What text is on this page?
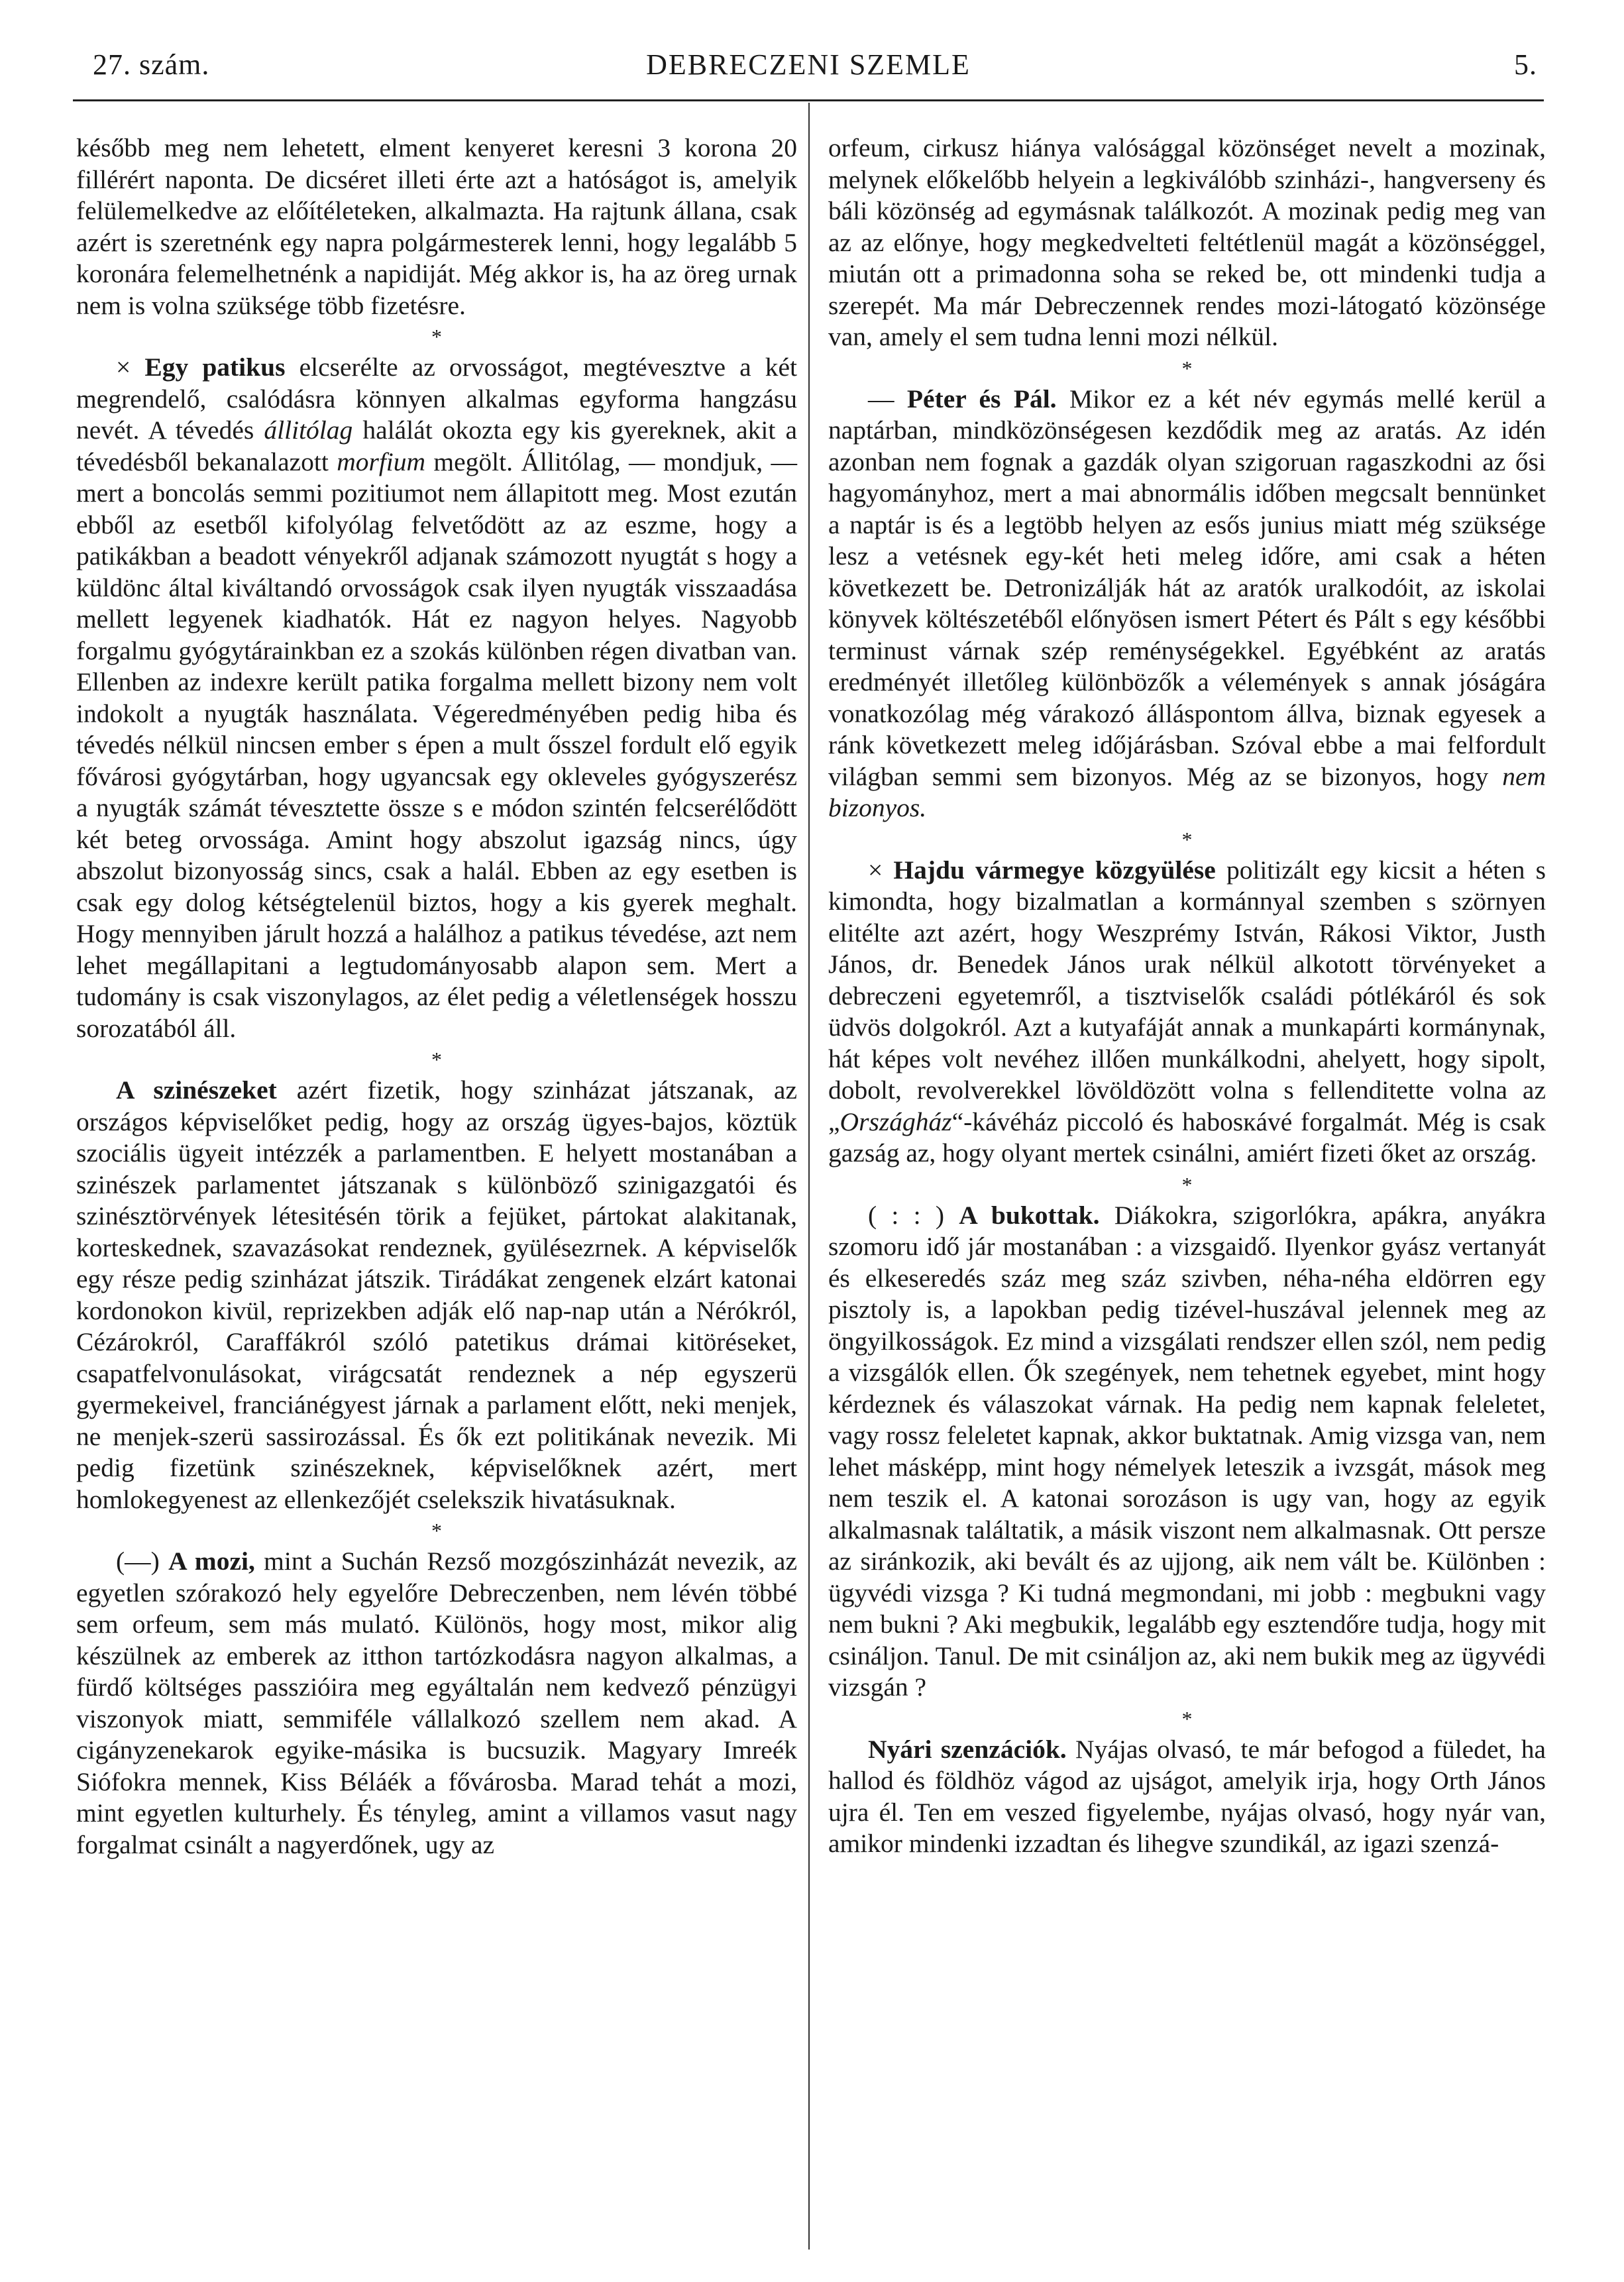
27. szám.	DEBRECZENI SZEMLE	5.

később meg nem lehetett, elment kenyeret keresni 3 korona 20 fillérért naponta. De dicséret illeti érte azt a hatóságot is, amelyik felülemelkedve az előítéleteken, alkalmazta. Ha rajtunk állana, csak azért is szeretnénk egy napra polgármesterek lenni, hogy legalább 5 koronára felemelhetnénk a napidiját. Még akkor is, ha az öreg urnak nem is volna szüksége több fizetésre.

*

× Egy patikus elcserélte az orvosságot, megtévesztve a két megrendelő, csalódásra könnyen alkalmas egyforma hangzásu nevét. A tévedés állitólag halálát okozta egy kis gyereknek, akit a tévedésből bekanalazott morfium megölt. Állitólag, — mondjuk, — mert a boncolás semmi pozitiumot nem állapitott meg. Most ezután ebből az esetből kifolyólag felvetődött az az eszme, hogy a patikákban a beadott vényekről adjanak számozott nyugtát s hogy a küldönc által kiváltandó orvosságok csak ilyen nyugták visszaadása mellett legyenek kiadhatók. Hát ez nagyon helyes. Nagyobb forgalmu gyógytárainkban ez a szokás különben régen divatban van. Ellenben az indexre került patika forgalma mellett bizony nem volt indokolt a nyugták használata. Végeredményében pedig hiba és tévedés nélkül nincsen ember s épen a mult ősszel fordult elő egyik fővárosi gyógytárban, hogy ugyancsak egy okleveles gyógyszerész a nyugták számát tévesztette össze s e módon szintén felcserélődött két beteg orvossága. Amint hogy abszolut igazság nincs, úgy abszolut bizonyosság sincs, csak a halál. Ebben az egy esetben is csak egy dolog kétségtelenül biztos, hogy a kis gyerek meghalt. Hogy mennyiben járult hozzá a halálhoz a patikus tévedése, azt nem lehet megállapitani a legtudományosabb alapon sem. Mert a tudomány is csak viszonylagos, az élet pedig a véletlenségek hosszu sorozatából áll.

*

A szinészeket azért fizetik, hogy szinházat játszanak, az országos képviselőket pedig, hogy az ország ügyes-bajos, köztük szociális ügyeit intézzék a parlamentben. E helyett mostanában a szinészek parlamentet játszanak s különböző szinigazgatói és szinésztörvények létesitésén törik a fejüket, pártokat alakitanak, korteskednek, szavazásokat rendeznek, gyülésezrnek. A képviselők egy része pedig szinházat játszik. Tirádákat zengenek elzárt katonai kordonokon kivül, reprizekben adják elő nap-nap után a Nérókról, Cézárokról, Caraffákról szóló patetikus drámai kitöréseket, csapatfelvonulásokat, virágcsatát rendeznek a nép egyszerü gyermekeivel, franciánégyest járnak a parlament előtt, neki menjek, ne menjek-szerü sassirozással. És ők ezt politikának nevezik. Mi pedig fizetünk szinészeknek, képviselőknek azért, mert homlokegyenest az ellenkezőjét cselekszik hivatásuknak.

*

(—) A mozi, mint a Suchán Rezső mozgószinházát nevezik, az egyetlen szórakozó hely egyelőre Debreczenben, nem lévén többé sem orfeum, sem más mulató. Különös, hogy most, mikor alig készülnek az emberek az itthon tartózkodásra nagyon alkalmas, a fürdő költséges passzióira meg egyáltalán nem kedvező pénzügyi viszonyok miatt, semmiféle vállalkozó szellem nem akad. A cigányzenekarok egyike-másika is bucsuzik. Magyary Imreék Siófokra mennek, Kiss Béláék a fővárosba. Marad tehát a mozi, mint egyetlen kulturhely. És tényleg, amint a villamos vasut nagy forgalmat csinált a nagyerdőnek, ugy az

orfeum, cirkusz hiánya valósággal közönséget nevelt a mozinak, melynek előkelőbb helyein a legkiválóbb szinházi-, hangverseny és báli közönség ad egymásnak találkozót. A mozinak pedig meg van az az előnye, hogy megkedvelteti feltétlenül magát a közönséggel, miután ott a primadonna soha se reked be, ott mindenki tudja a szerepét. Ma már Debreczennek rendes mozi-látogató közönsége van, amely el sem tudna lenni mozi nélkül.

*

— Péter és Pál. Mikor ez a két név egymás mellé kerül a naptárban, mindközönségesen kezdődik meg az aratás. Az idén azonban nem fognak a gazdák olyan szigoruan ragaszkodni az ősi hagyományhoz, mert a mai abnormális időben megcsalt bennünket a naptár is és a legtöbb helyen az esős junius miatt még szüksége lesz a vetésnek egy-két heti meleg időre, ami csak a héten következett be. Detronizálják hát az aratók uralkodóit, az iskolai könyvek költészetéből előnyösen ismert Pétert és Pált s egy későbbi terminust várnak szép reménységekkel. Egyébként az aratás eredményét illetőleg különbözők a vélemények s annak jóságára vonatkozólag még várakozó álláspontom állva, biznak egyesek a ránk következett meleg időjárásban. Szóval ebbe a mai felfordult világban semmi sem bizonyos. Még az se bizonyos, hogy nem bizonyos.

*

× Hajdu vármegye közgyülése politizált egy kicsit a héten s kimondta, hogy bizalmatlan a kormánnyal szemben s szörnyen elitélte azt azért, hogy Weszprémy István, Rákosi Viktor, Justh János, dr. Benedek János urak nélkül alkotott törvényeket a debreczeni egyetemről, a tisztviselők családi pótlékáról és sok üdvös dolgokról. Azt a kutyafáját annak a munkapárti kormánynak, hát képes volt nevéhez illően munkálkodni, ahelyett, hogy sipolt, dobolt, revolverekkel lövöldözött volna s fellenditette volna az „Országház“-kávéház piccoló és habosкávé forgalmát. Még is csak gazság az, hogy olyant mertek csinálni, amiért fizeti őket az ország.

*

( : : ) A bukottak. Diákokra, szigorlókra, apákra, anyákra szomoru idő jár mostanában : a vizsgaidő. Ilyenkor gyász vertanyát és elkeseredés száz meg száz szivben, néha-néha eldörren egy pisztoly is, a lapokban pedig tizével-huszával jelennek meg az öngyilkosságok. Ez mind a vizsgálati rendszer ellen szól, nem pedig a vizsgálók ellen. Ők szegények, nem tehetnek egyebet, mint hogy kérdeznek és válaszokat várnak. Ha pedig nem kapnak feleletet, vagy rossz feleletet kapnak, akkor buktatnak. Amig vizsga van, nem lehet másképp, mint hogy némelyek leteszik a ivzsgát, mások meg nem teszik el. A katonai sorozáson is ugy van, hogy az egyik alkalmasnak találtatik, a másik viszont nem alkalmasnak. Ott persze az siránkozik, aki bevált és az ujjong, aik nem vált be. Különben : ügyvédi vizsga ? Ki tudná megmondani, mi jobb : megbukni vagy nem bukni ? Aki megbukik, legalább egy esztendőre tudja, hogy mit csináljon. Tanul. De mit csináljon az, aki nem bukik meg az ügyvédi vizsgán ?

*

Nyári szenzációk. Nyájas olvasó, te már befogod a füledet, ha hallod és földhöz vágod az ujságot, amelyik irja, hogy Orth János ujra él. Ten em veszed figyelembe, nyájas olvasó, hogy nyár van, amikor mindenki izzadtan és lihegve szundikál, az igazi szenzá-
